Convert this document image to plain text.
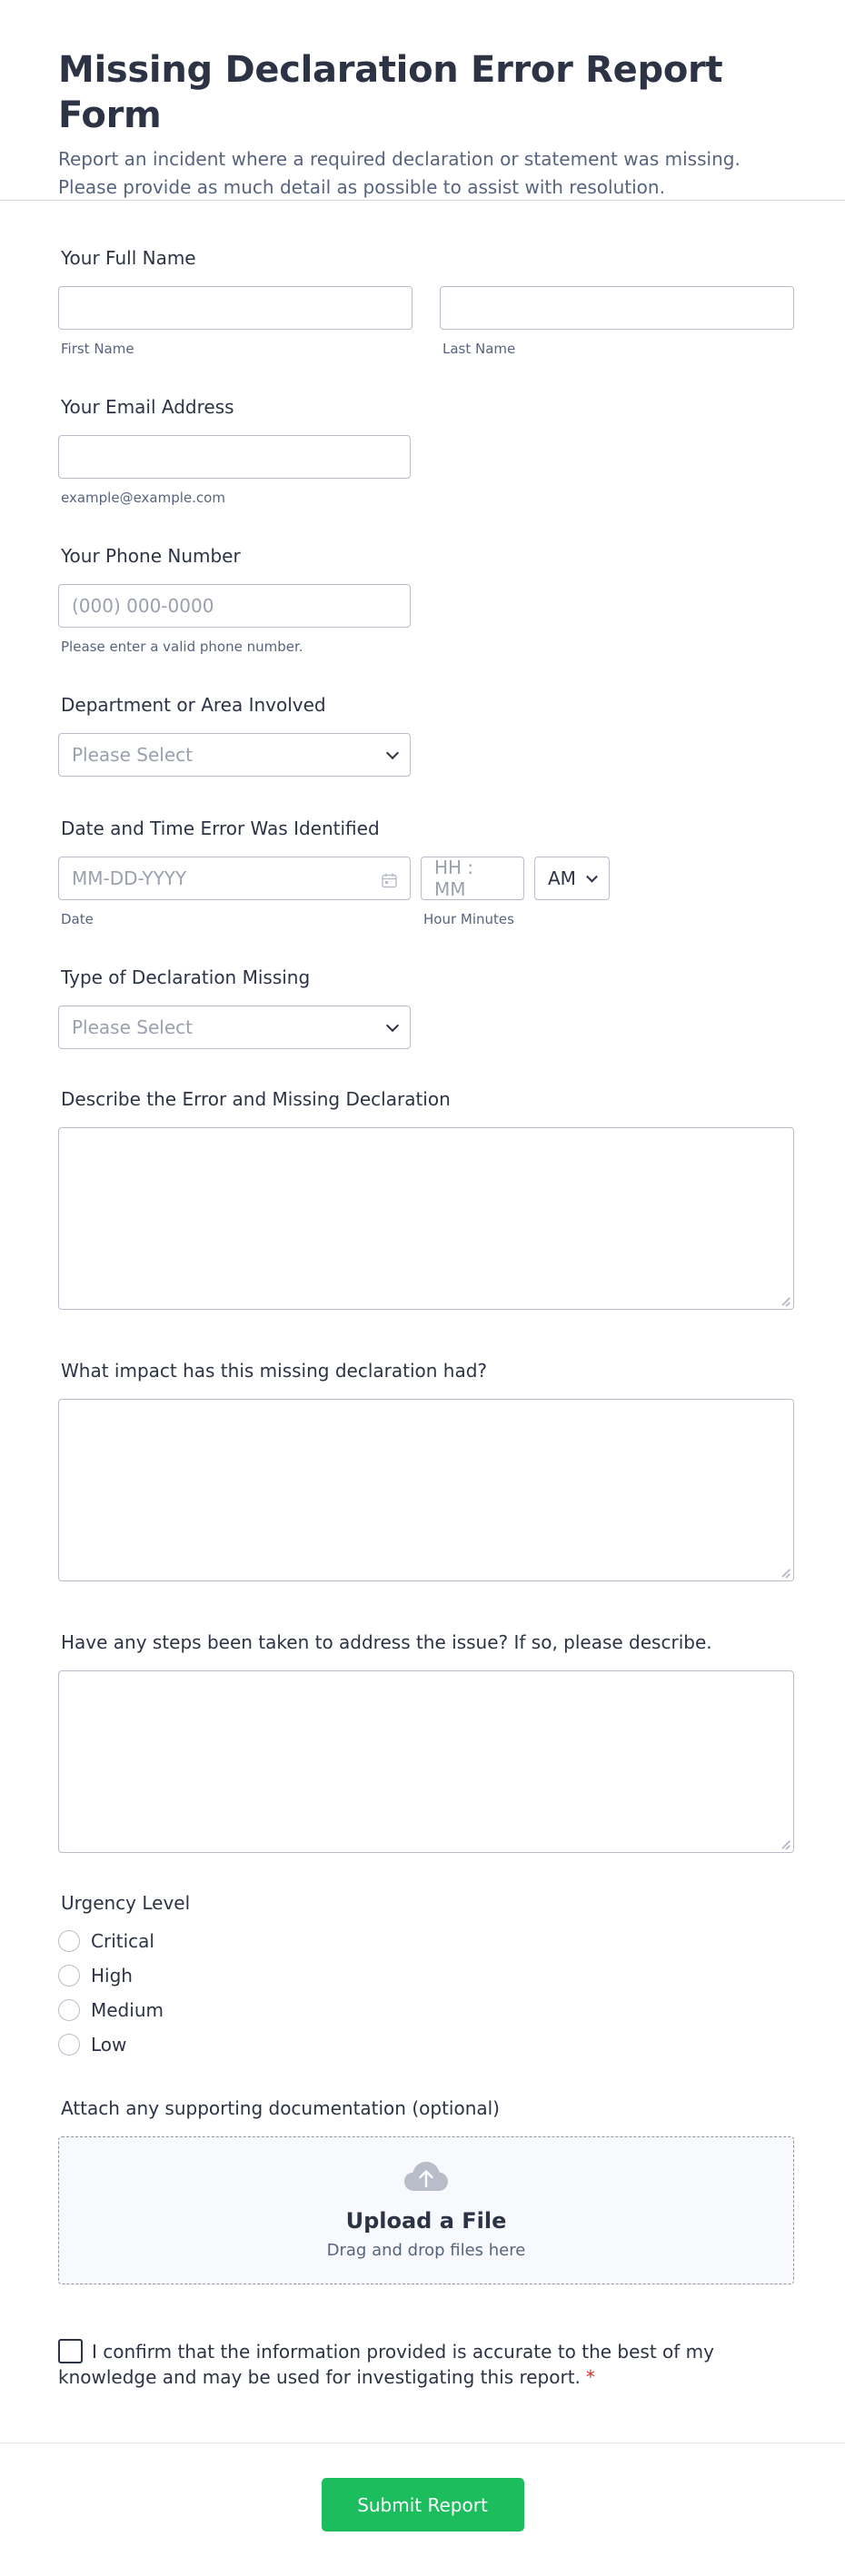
Missing Declaration Error Report Form
Report an incident where a required declaration or statement was missing. Please provide as much detail as possible to assist with resolution.
Your Full Name
First Name	Last Name
Your Email Address
example@example.com
Your Phone Number
(000) 000-0000
Please enter a valid phone number.
Department or Area Involved
Please Select
Date and Time Error Was Identified
MM-DD-YYYY
Date
HH : MM
Hour Minutes
AM
Type of Declaration Missing
Please Select
Describe the Error and Missing Declaration
What impact has this missing declaration had?
Have any steps been taken to address the issue? If so, please describe.
Urgency Level
Critical
High
Medium
Low
Attach any supporting documentation (optional)
Upload a File
Drag and drop files here
I confirm that the information provided is accurate to the best of my knowledge and may be used for investigating this report. *
Submit Report
